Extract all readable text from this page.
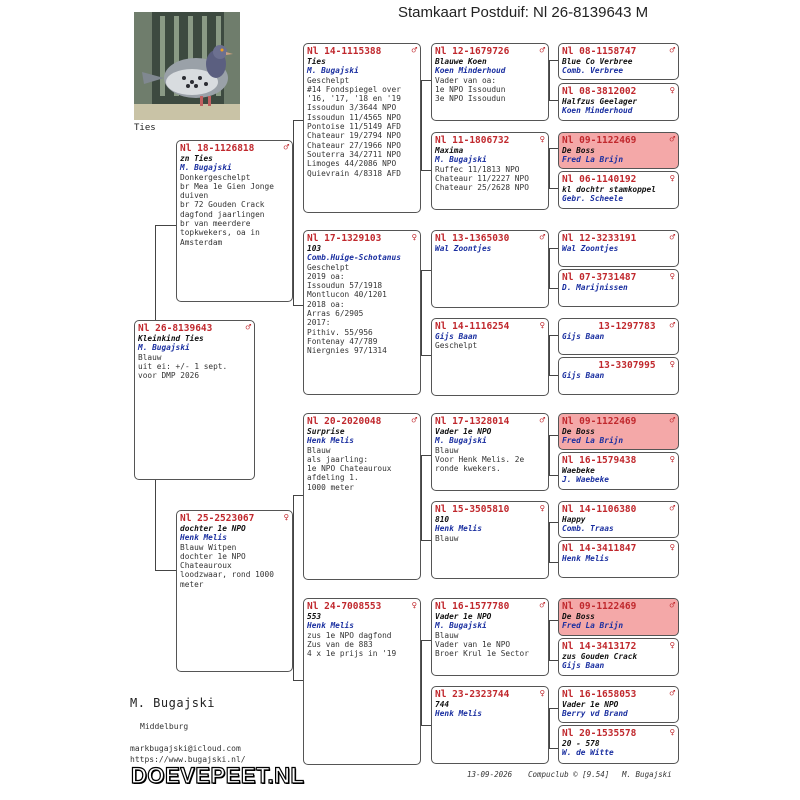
Stamkaart Postduif: Nl 26-8139643 M
Ties
Nl 26-8139643	♂
Kleinkind Ties
M. Bugajski
Blauw
uit ei: +/- 1 sept.
voor DMP 2026
Nl 18-1126818	♂
zn Ties
M. Bugajski
Donkergeschelpt
br Mea 1e Gien Jonge
duiven
br 72 Gouden Crack
dagfond jaarlingen
br van meerdere
topkwekers, oa in
Amsterdam
Nl 25-2523067	♀
dochter 1e NPO
Henk Melis
Blauw Witpen
dochter 1e NPO
Chateauroux
loodzwaar, rond 1000
meter
Nl 14-1115388	♂
Ties
M. Bugajski
Geschelpt
#14 Fondspiegel over
'16, '17, '18 en '19
Issoudun 3/3644 NPO
Issoudun 11/4565 NPO
Pontoise 11/5149 AFD
Chateaur 19/2794 NPO
Chateaur 27/1966 NPO
Souterra 34/2711 NPO
Limoges 44/2086 NPO
Quievrain 4/8318 AFD
Nl 17-1329103	♀
103
Comb.Huige-Schotanus
Geschelpt
2019 oa:
Issoudun 57/1918
Montlucon 40/1201
2018 oa:
Arras 6/2905
2017:
Pithiv. 55/956
Fontenay 47/789
Niergnies 97/1314
Nl 20-2020048	♂
Surprise
Henk Melis
Blauw
als jaarling:
1e NPO Chateauroux
afdeling 1.
1000 meter
Nl 24-7008553	♀
553
Henk Melis
zus 1e NPO dagfond
Zus van de 883
4 x 1e prijs in '19
Nl 12-1679726	♂
Blauwe Koen
Koen Minderhoud
Vader van oa:
1e NPO Issoudun
3e NPO Issoudun
Nl 11-1806732	♀
Maxima
M. Bugajski
Ruffec 11/1813 NPO
Chateaur 11/2227 NPO
Chateaur 25/2628 NPO
Nl 13-1365030	♂
Wal Zoontjes
Nl 14-1116254	♀
Gijs Baan
Geschelpt
Nl 17-1328014	♂
Vader 1e NPO
M. Bugajski
Blauw
Voor Henk Melis. 2e
ronde kwekers.
Nl 15-3505810	♀
810
Henk Melis
Blauw
Nl 16-1577780	♂
Vader 1e NPO
M. Bugajski
Blauw
Vader van 1e NPO
Broer Krul 1e Sector
Nl 23-2323744	♀
744
Henk Melis
Nl 08-1158747	♂
Blue Co Verbree
Comb. Verbree
Nl 08-3812002	♀
Halfzus Geelager
Koen Minderhoud
Nl 09-1122469	♂
De Boss
Fred La Brijn
Nl 06-1140192	♀
kl dochtr stamkoppel
Gebr. Scheele
Nl 12-3233191	♂
Wal Zoontjes
Nl 07-3731487	♀
D. Marijnissen
13-1297783 ♂
Gijs Baan
13-3307995 ♀
Gijs Baan
Nl 09-1122469	♂
De Boss
Fred La Brijn
Nl 16-1579438	♀
Waebeke
J. Waebeke
Nl 14-1106380	♂
Happy
Comb. Traas
Nl 14-3411847	♀
Henk Melis
Nl 09-1122469	♂
De Boss
Fred La Brijn
Nl 14-3413172	♀
zus Gouden Crack
Gijs Baan
Nl 16-1658053	♂
Vader 1e NPO
Berry vd Brand
Nl 20-1535578	♀
20 - 578
W. de Witte
M. Bugajski
Middelburg
markbugajski@icloud.com
https://www.bugajski.nl/
DOEVEPEET.NL	13-09-2026 Compuclub © [9.54] M. Bugajski
